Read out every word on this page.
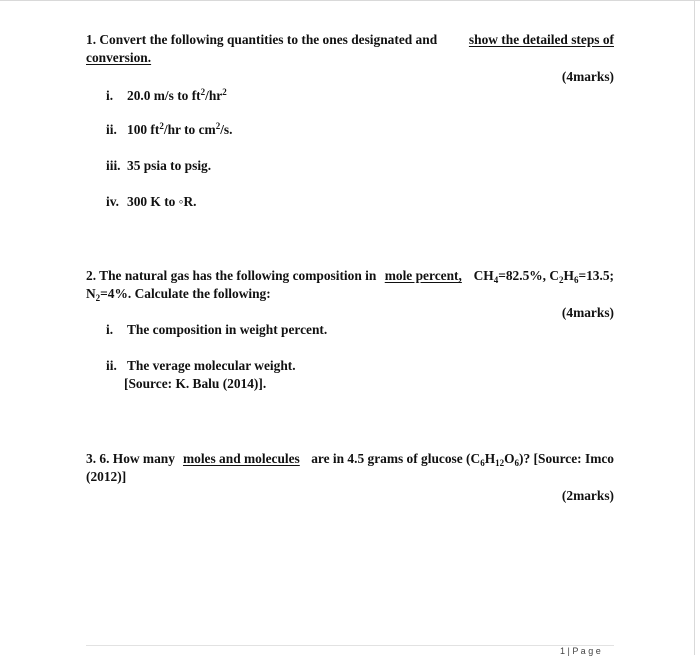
1. Convert the following quantities to the ones designated and show the detailed steps of
conversion.
(4marks)
i. 20.0 m/s to $ft^2/hr^2$
ii. 100 $ft^2/hr$ to $cm^2/s$.
iii. 35 psia to psig.
iv. 300 K to ◦R.
2. The natural gas has the following composition in mole percent, $CH_4=82.5\%$, $C_2H_6=13.5$;
$N_2=4\%$. Calculate the following:
(4marks)
i. The composition in weight percent.
ii. The verage molecular weight.
[Source: K. Balu (2014)].
3. 6. How many moles and molecules are in 4.5 grams of glucose $(C_6H_{12}O_6)$? [Source: Imco
(2012)]
(2marks)
1 | P a g e
